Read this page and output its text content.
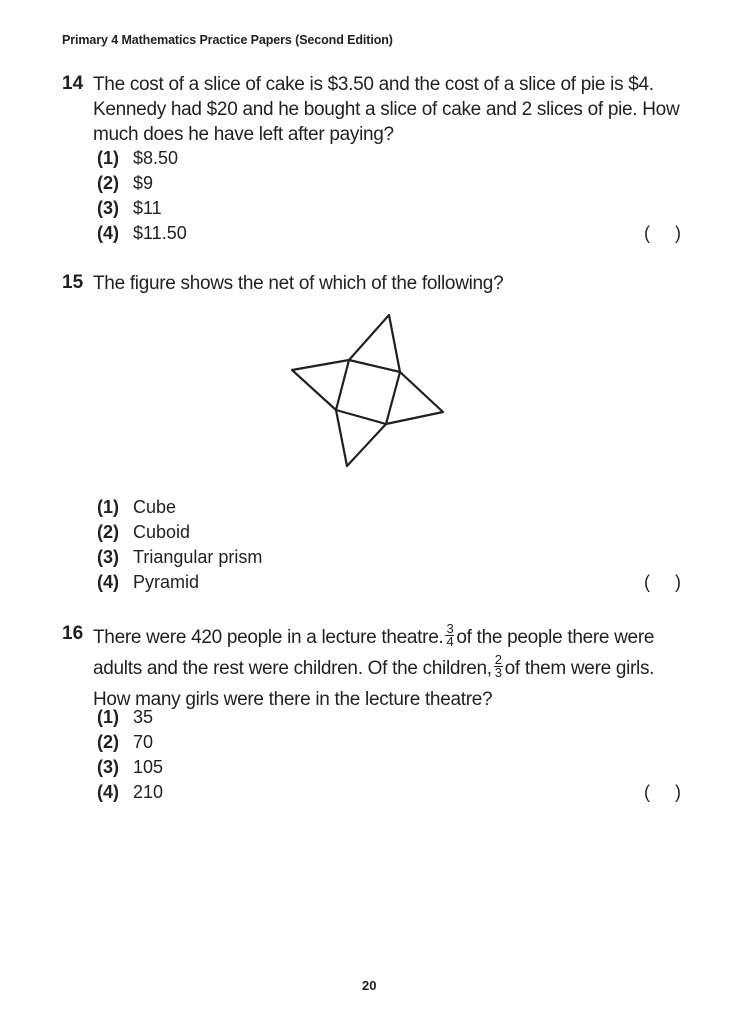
Primary 4 Mathematics Practice Papers (Second Edition)
14 The cost of a slice of cake is $3.50 and the cost of a slice of pie is $4.
Kennedy had $20 and he bought a slice of cake and 2 slices of pie. How
much does he have left after paying?
(1) $8.50
(2) $9
(3) $11
(4) $11.50	( )
15 The figure shows the net of which of the following?
(1) Cube
(2) Cuboid
(3) Triangular prism
(4) Pyramid	( )
16 There were 420 people in a lecture theatre. $\frac{3}{4}$ of the people there were
adults and the rest were children. Of the children, $\frac{2}{3}$ of them were girls.
How many girls were there in the lecture theatre?
(1) 35
(2) 70
(3) 105
(4) 210	( )
20
